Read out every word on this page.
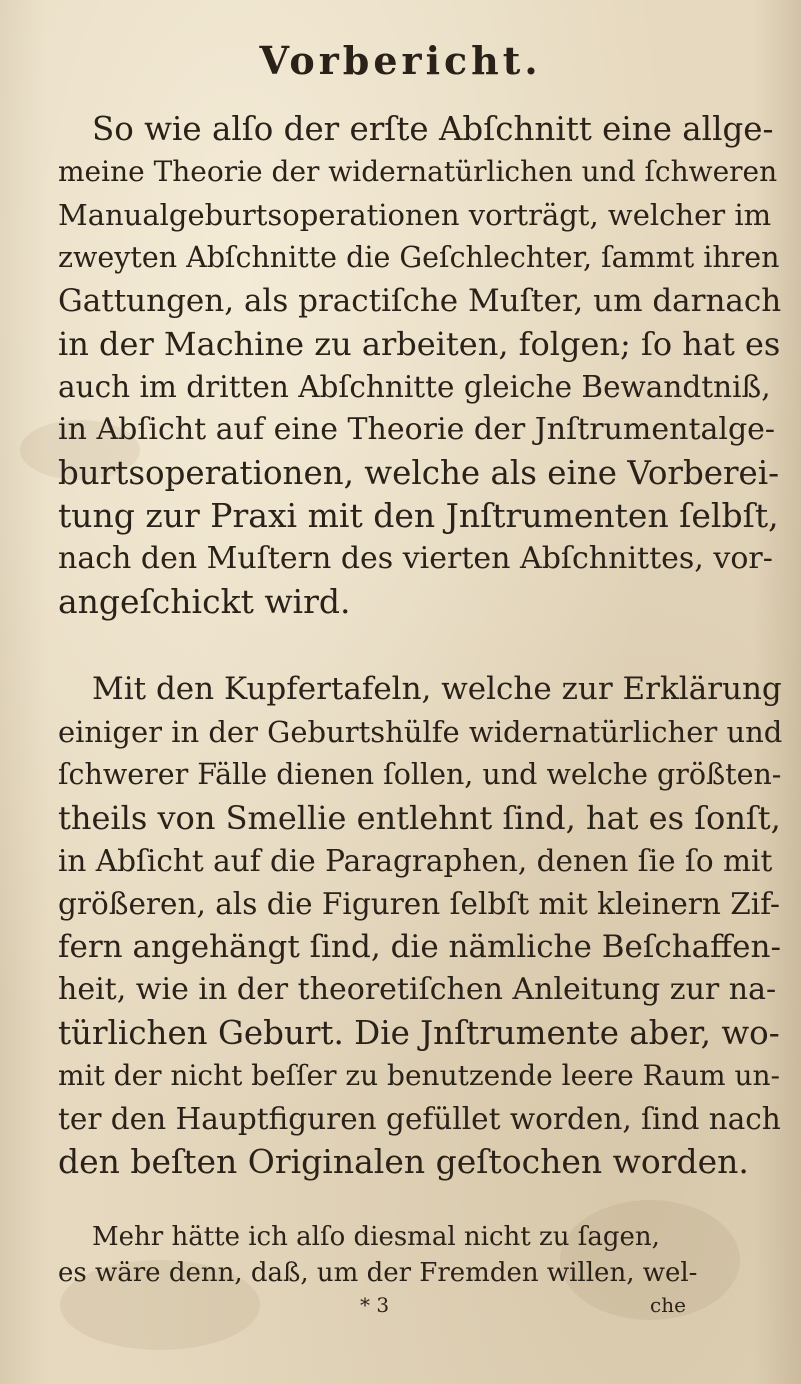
Vorbericht.
So wie alſo der erſte Abſchnitt eine allge-
meine Theorie der widernatürlichen und ſchweren
Manualgeburtsoperationen vorträgt, welcher im
zweyten Abſchnitte die Geſchlechter, ſammt ihren
Gattungen, als practiſche Muſter, um darnach
in der Machine zu arbeiten, folgen; ſo hat es
auch im dritten Abſchnitte gleiche Bewandtniß,
in Abſicht auf eine Theorie der Jnſtrumentalge-
burtsoperationen, welche als eine Vorberei-
tung zur Praxi mit den Jnſtrumenten ſelbſt,
nach den Muſtern des vierten Abſchnittes, vor-
angeſchickt wird.
Mit den Kupfertafeln, welche zur Erklärung
einiger in der Geburtshülfe widernatürlicher und
ſchwerer Fälle dienen ſollen, und welche größten-
theils von Smellie entlehnt ſind, hat es ſonſt,
in Abſicht auf die Paragraphen, denen ſie ſo mit
größeren, als die Figuren ſelbſt mit kleinern Zif-
fern angehängt ſind, die nämliche Beſchaffen-
heit, wie in der theoretiſchen Anleitung zur na-
türlichen Geburt. Die Jnſtrumente aber, wo-
mit der nicht beſſer zu benutzende leere Raum un-
ter den Hauptfiguren gefüllet worden, ſind nach
den beſten Originalen geſtochen worden.
Mehr hätte ich alſo diesmal nicht zu ſagen,
es wäre denn, daß, um der Fremden willen, wel-
* 3	che
